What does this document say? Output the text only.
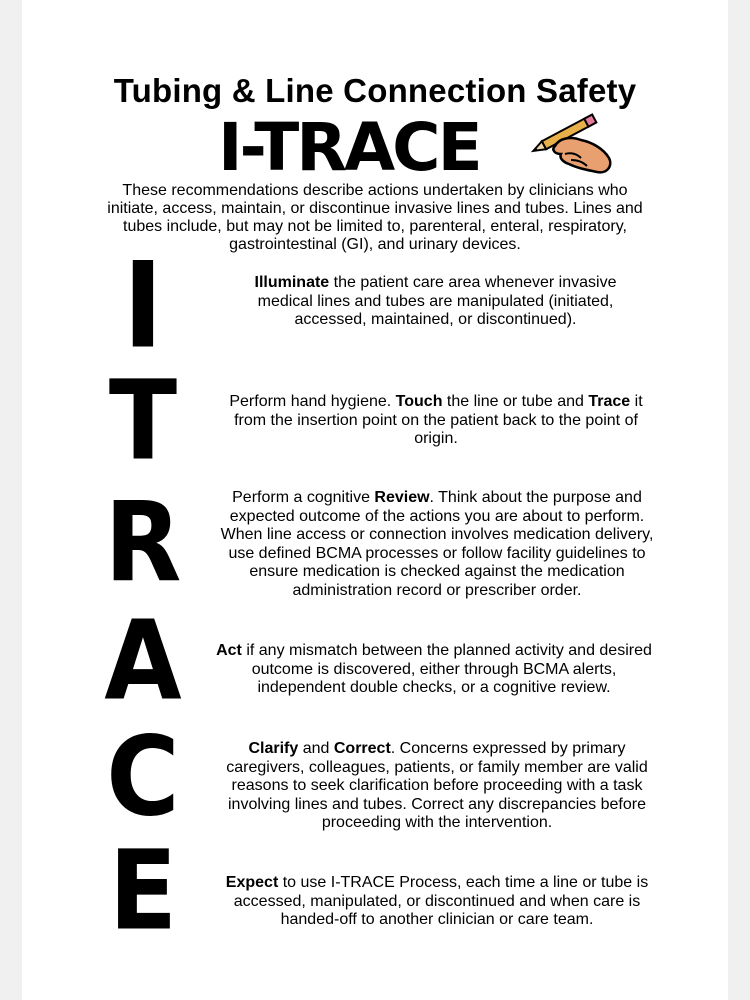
Tubing & Line Connection Safety
I-TRACE
These recommendations describe actions undertaken by clinicians who initiate, access, maintain, or discontinue invasive lines and tubes. Lines and tubes include, but may not be limited to, parenteral, enteral, respiratory, gastrointestinal (GI), and urinary devices.
I
T
R
A
C
E
Illuminate the patient care area whenever invasive medical lines and tubes are manipulated (initiated, accessed, maintained, or discontinued).
Perform hand hygiene. Touch the line or tube and Trace it from the insertion point on the patient back to the point of origin.
Perform a cognitive Review. Think about the purpose and expected outcome of the actions you are about to perform. When line access or connection involves medication delivery, use defined BCMA processes or follow facility guidelines to ensure medication is checked against the medication administration record or prescriber order.
Act if any mismatch between the planned activity and desired outcome is discovered, either through BCMA alerts, independent double checks, or a cognitive review.
Clarify and Correct. Concerns expressed by primary caregivers, colleagues, patients, or family member are valid reasons to seek clarification before proceeding with a task involving lines and tubes. Correct any discrepancies before proceeding with the intervention.
Expect to use I-TRACE Process, each time a line or tube is accessed, manipulated, or discontinued and when care is handed-off to another clinician or care team.
